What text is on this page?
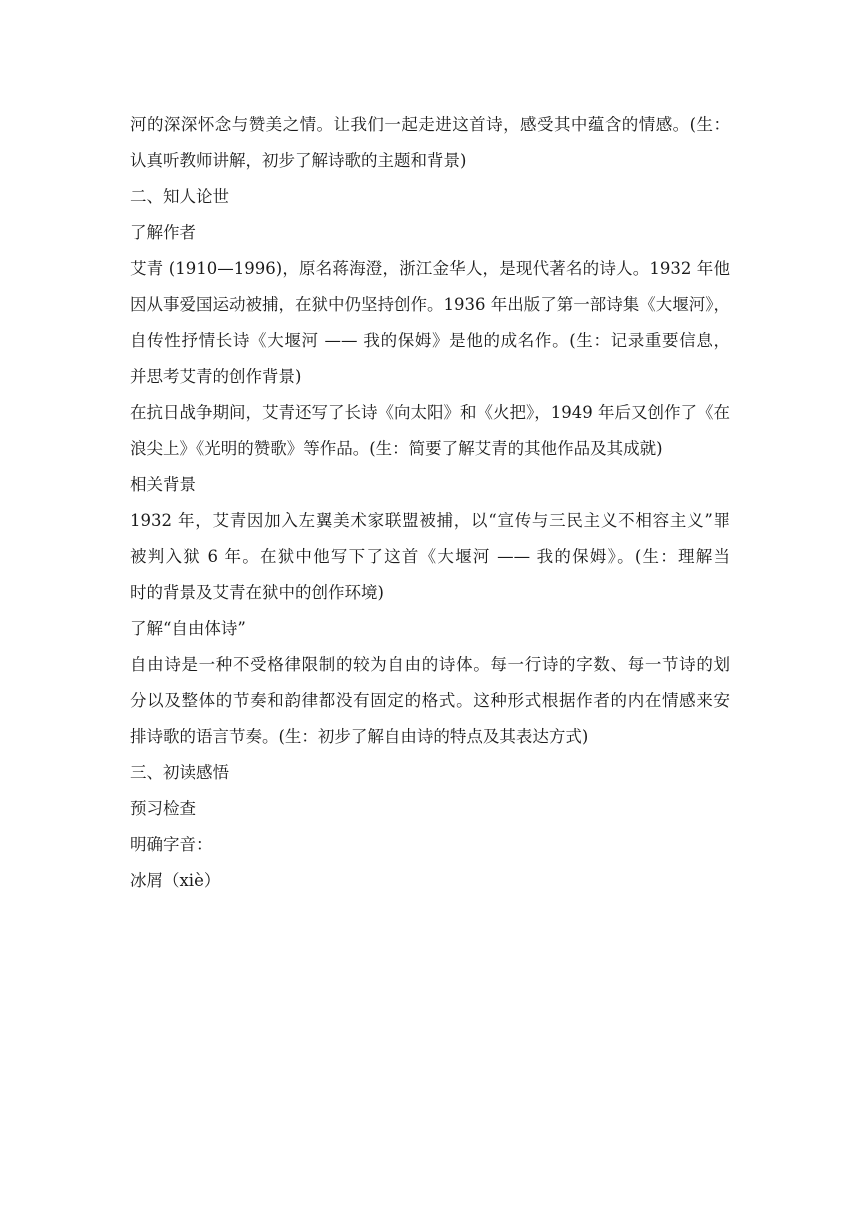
河的深深怀念与赞美之情。让我们一起走进这首诗，感受其中蕴含的情感。(生：

认真听教师讲解，初步了解诗歌的主题和背景)

二、知人论世

了解作者

艾青 (1910—1996)，原名蒋海澄，浙江金华人，是现代著名的诗人。1932 年他

因从事爱国运动被捕，在狱中仍坚持创作。1936 年出版了第一部诗集《大堰河》，

自传性抒情长诗《大堰河 —— 我的保姆》是他的成名作。(生：记录重要信息，

并思考艾青的创作背景)

在抗日战争期间，艾青还写了长诗《向太阳》和《火把》，1949 年后又创作了《在

浪尖上》《光明的赞歌》等作品。(生：简要了解艾青的其他作品及其成就)

相关背景

1932 年，艾青因加入左翼美术家联盟被捕，以“宣传与三民主义不相容主义”罪

被判入狱 6 年。在狱中他写下了这首《大堰河 —— 我的保姆》。(生：理解当

时的背景及艾青在狱中的创作环境)

了解“自由体诗”

自由诗是一种不受格律限制的较为自由的诗体。每一行诗的字数、每一节诗的划

分以及整体的节奏和韵律都没有固定的格式。这种形式根据作者的内在情感来安

排诗歌的语言节奏。(生：初步了解自由诗的特点及其表达方式)

三、初读感悟

预习检查

明确字音：

冰屑（xiè）
